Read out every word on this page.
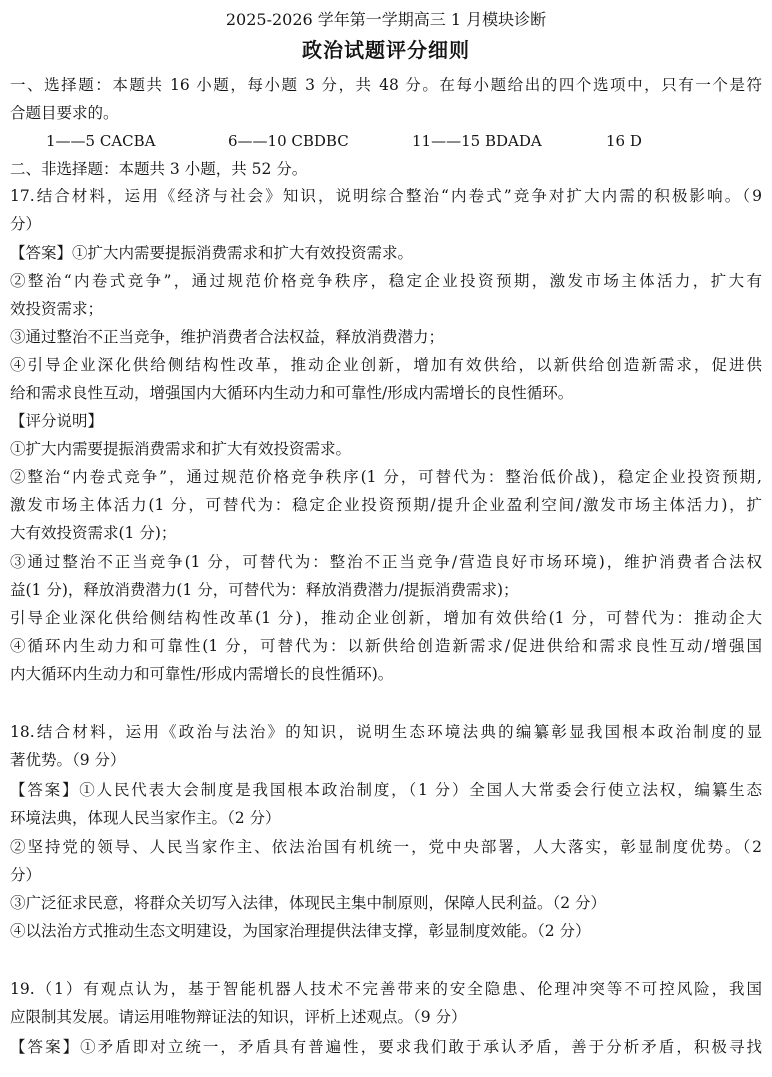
2025-2026 学年第一学期高三 1 月模块诊断
政治试题评分细则
一、选择题：本题共 16 小题，每小题 3 分，共 48 分。在每小题给出的四个选项中，只有一个是符
合题目要求的。
1——5 CACBA	6——10 CBDBC	11——15 BDADA	16 D
二、非选择题：本题共 3 小题，共 52 分。
17.结合材料，运用《经济与社会》知识，说明综合整治“内卷式”竞争对扩大内需的积极影响。（9
分）
【答案】①扩大内需要提振消费需求和扩大有效投资需求。
②整治“内卷式竞争”，通过规范价格竞争秩序，稳定企业投资预期，激发市场主体活力，扩大有
效投资需求；
③通过整治不正当竞争，维护消费者合法权益，释放消费潜力；
④引导企业深化供给侧结构性改革，推动企业创新，增加有效供给，以新供给创造新需求，促进供
给和需求良性互动，增强国内大循环内生动力和可靠性/形成内需增长的良性循环。
【评分说明】
①扩大内需要提振消费需求和扩大有效投资需求。
②整治“内卷式竞争”，通过规范价格竞争秩序(1 分，可替代为：整治低价战)，稳定企业投资预期,
激发市场主体活力(1 分，可替代为：稳定企业投资预期/提升企业盈利空间/激发市场主体活力)，扩
大有效投资需求(1 分)；
③通过整治不正当竞争(1 分，可替代为：整治不正当竞争/营造良好市场环境)，维护消费者合法权
益(1 分)，释放消费潜力(1 分，可替代为：释放消费潜力/提振消费需求)；
引导企业深化供给侧结构性改革(1 分)，推动企业创新，增加有效供给(1 分，可替代为：推动企大
④循环内生动力和可靠性(1 分，可替代为：以新供给创造新需求/促进供给和需求良性互动/增强国
内大循环内生动力和可靠性/形成内需增长的良性循环)。
18.结合材料，运用《政治与法治》的知识，说明生态环境法典的编纂彰显我国根本政治制度的显
著优势。（9 分）
【答案】①人民代表大会制度是我国根本政治制度，（1 分）全国人大常委会行使立法权，编纂生态
环境法典，体现人民当家作主。（2 分）
②坚持党的领导、人民当家作主、依法治国有机统一，党中央部署，人大落实，彰显制度优势。（2
分）
③广泛征求民意，将群众关切写入法律，体现民主集中制原则，保障人民利益。（2 分）
④以法治方式推动生态文明建设，为国家治理提供法律支撑，彰显制度效能。（2 分）
19.（1）有观点认为，基于智能机器人技术不完善带来的安全隐患、伦理冲突等不可控风险，我国
应限制其发展。请运用唯物辩证法的知识，评析上述观点。（9 分）
【答案】①矛盾即对立统一，矛盾具有普遍性，要求我们敢于承认矛盾，善于分析矛盾，积极寻找
